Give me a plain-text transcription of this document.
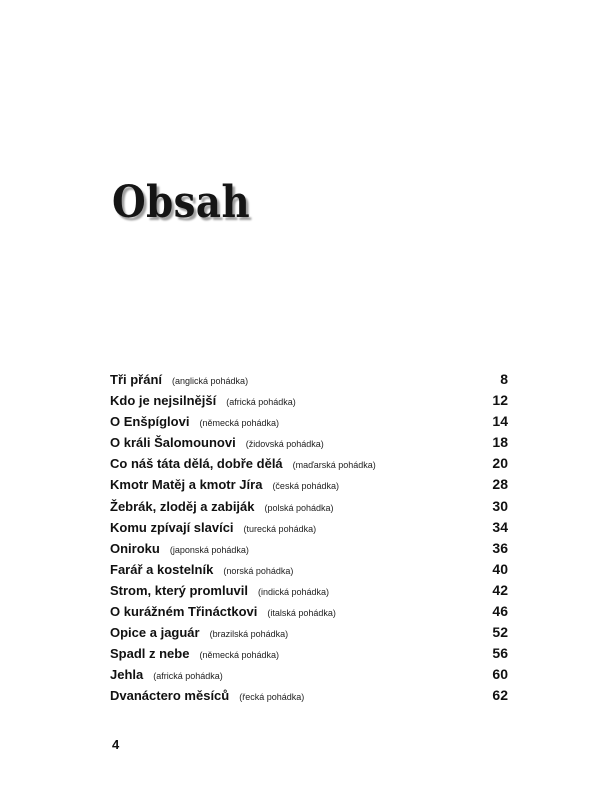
Obsah
Tři přání (anglická pohádka)	8
Kdo je nejsilnější (africká pohádka)	12
O Enšpíglovi (německá pohádka)	14
O králi Šalomounovi (židovská pohádka)	18
Co náš táta dělá, dobře dělá (maďarská pohádka)	20
Kmotr Matěj a kmotr Jíra (česká pohádka)	28
Žebrák, zloděj a zabiják (polská pohádka)	30
Komu zpívají slavíci (turecká pohádka)	34
Oniroku (japonská pohádka)	36
Farář a kostelník (norská pohádka)	40
Strom, který promluvil (indická pohádka)	42
O kurážném Třináctkovi (italská pohádka)	46
Opice a jaguár (brazilská pohádka)	52
Spadl z nebe (německá pohádka)	56
Jehla (africká pohádka)	60
Dvanáctero měsíců (řecká pohádka)	62
4
